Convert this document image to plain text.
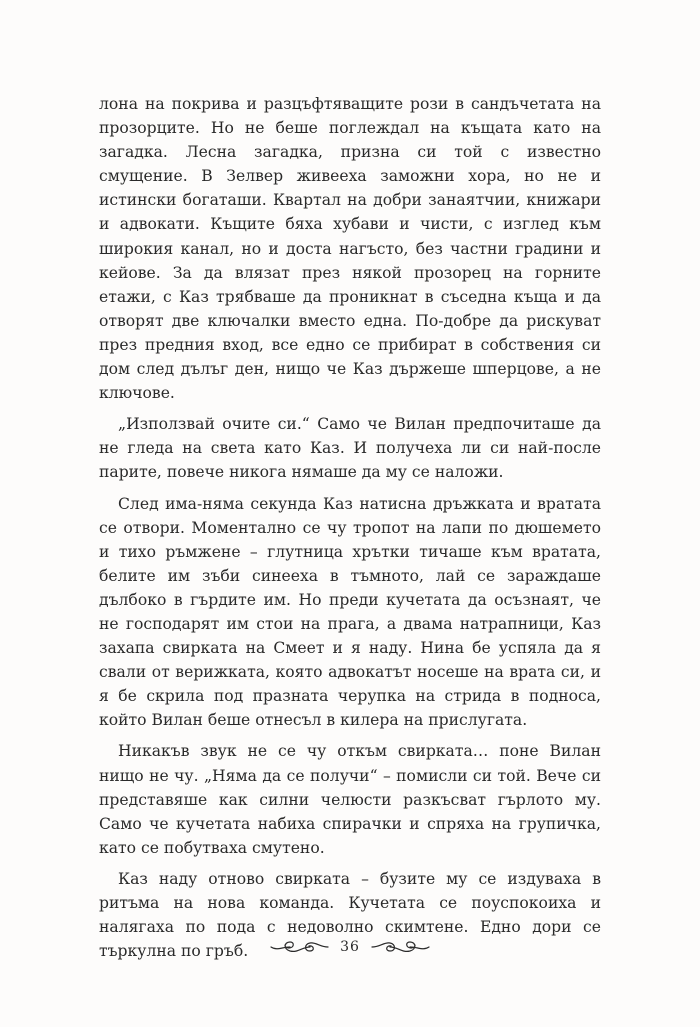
лона на покрива и разцъфтяващите рози в сандъчетата на прозорците. Но не беше поглеждал на къщата като на загадка. Лесна загадка, призна си той с известно смущение. В Зелвер живееха заможни хора, но не и истински богаташи. Квартал на добри занаятчии, книжари и адвокати. Къщите бяха хубави и чисти, с изглед към широкия канал, но и доста нагъсто, без частни градини и кейове. За да влязат през някой прозорец на горните етажи, с Каз трябваше да проникнат в съседна къща и да отворят две ключалки вместо една. По-добре да рискуват през предния вход, все едно се прибират в собствения си дом след дълъг ден, нищо че Каз държеше шперцове, а не ключове.

„Използвай очите си.“ Само че Вилан предпочиташе да не гледа на света като Каз. И получеха ли си най-после парите, повече никога нямаше да му се наложи.

След има-няма секунда Каз натисна дръжката и вратата се отвори. Моментално се чу тропот на лапи по дюшемето и тихо ръмжене – глутница хрътки тичаше към вратата, белите им зъби синееха в тъмното, лай се зараждаше дълбоко в гърдите им. Но преди кучетата да осъзнаят, че не господарят им стои на прага, а двама натрапници, Каз захапа свирката на Смеет и я наду. Нина бе успяла да я свали от верижката, която адвокатът носеше на врата си, и я бе скрила под празната черупка на стрида в подноса, който Вилан беше отнесъл в килера на прислугата.

Никакъв звук не се чу откъм свирката… поне Вилан нищо не чу. „Няма да се получи“ – помисли си той. Вече си представяше как силни челюсти разкъсват гърлото му. Само че кучетата набиха спирачки и спряха на групичка, като се побутваха смутено.

Каз наду отново свирката – бузите му се издуваха в ритъма на нова команда. Кучетата се поуспокоиха и налягаха по пода с недоволно скимтене. Едно дори се търкулна по гръб.	36
